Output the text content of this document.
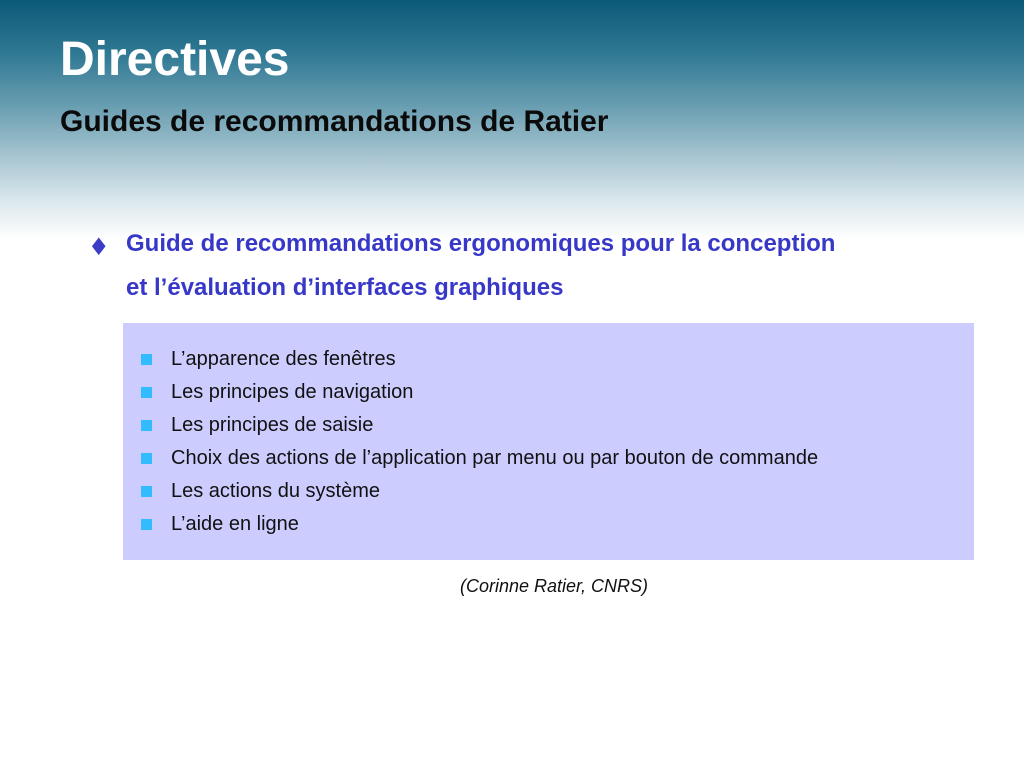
Directives
Guides de recommandations de Ratier
♦ Guide de recommandations ergonomiques pour la conception et l’évaluation d’interfaces graphiques

L’apparence des fenêtres
Les principes de navigation
Les principes de saisie
Choix des actions de l’application par menu ou par bouton de commande
Les actions du système
L’aide en ligne

(Corinne Ratier, CNRS)
